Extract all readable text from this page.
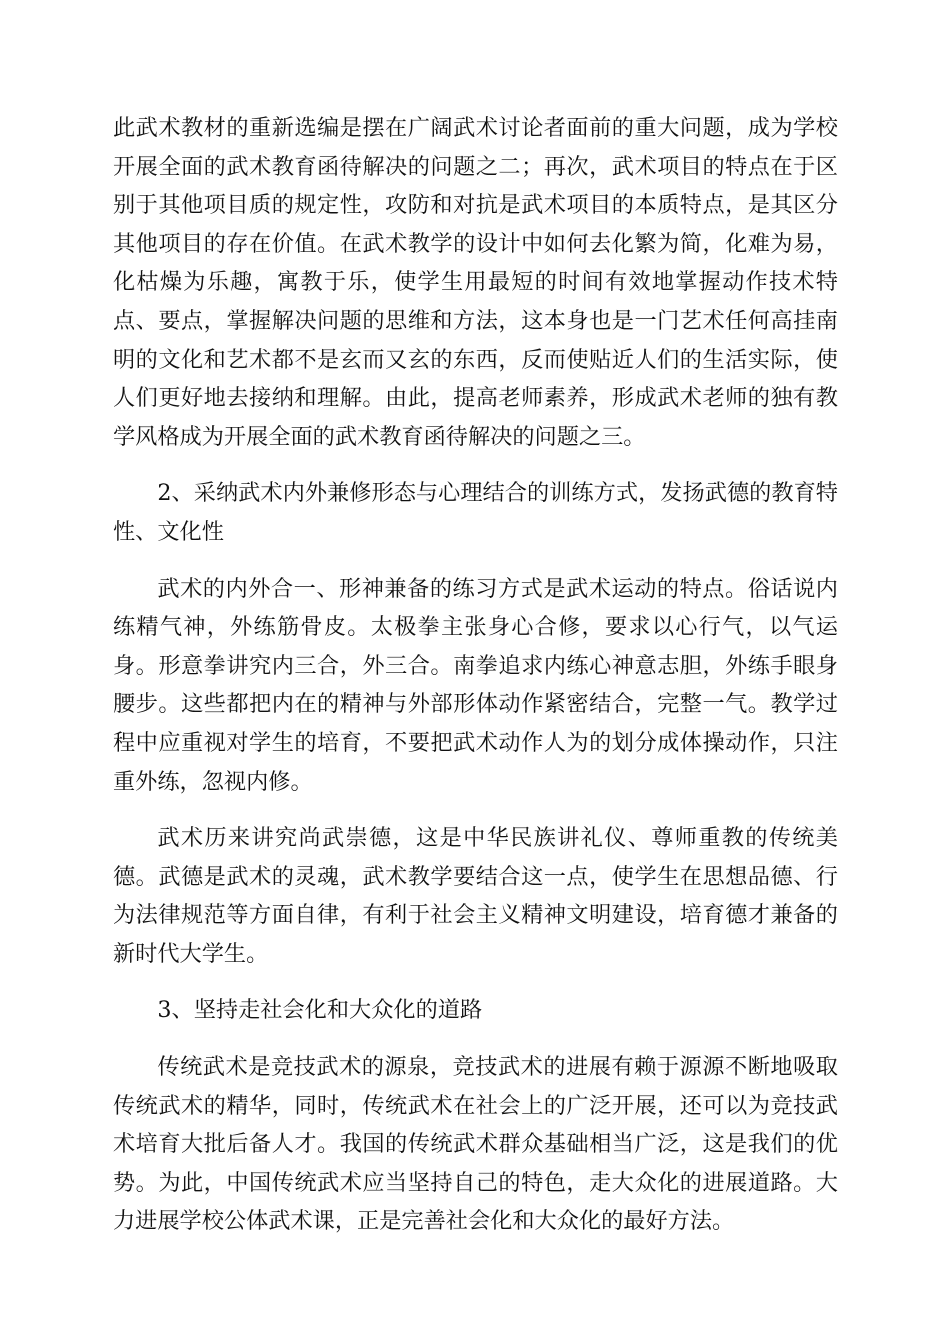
此武术教材的重新选编是摆在广阔武术讨论者面前的重大问题，成为学校开展全面的武术教育函待解决的问题之二；再次，武术项目的特点在于区别于其他项目质的规定性，攻防和对抗是武术项目的本质特点，是其区分其他项目的存在价值。在武术教学的设计中如何去化繁为简，化难为易，化枯燥为乐趣，寓教于乐，使学生用最短的时间有效地掌握动作技术特点、要点，掌握解决问题的思维和方法，这本身也是一门艺术任何高挂南明的文化和艺术都不是玄而又玄的东西，反而使贴近人们的生活实际，使人们更好地去接纳和理解。由此，提高老师素养，形成武术老师的独有教学风格成为开展全面的武术教育函待解决的问题之三。

2、采纳武术内外兼修形态与心理结合的训练方式，发扬武德的教育特性、文化性

武术的内外合一、形神兼备的练习方式是武术运动的特点。俗话说内练精气神，外练筋骨皮。太极拳主张身心合修，要求以心行气，以气运身。形意拳讲究内三合，外三合。南拳追求内练心神意志胆，外练手眼身腰步。这些都把内在的精神与外部形体动作紧密结合，完整一气。教学过程中应重视对学生的培育，不要把武术动作人为的划分成体操动作，只注重外练，忽视内修。

武术历来讲究尚武崇德，这是中华民族讲礼仪、尊师重教的传统美德。武德是武术的灵魂，武术教学要结合这一点，使学生在思想品德、行为法律规范等方面自律，有利于社会主义精神文明建设，培育德才兼备的新时代大学生。

3、坚持走社会化和大众化的道路

传统武术是竞技武术的源泉，竞技武术的进展有赖于源源不断地吸取传统武术的精华，同时，传统武术在社会上的广泛开展，还可以为竞技武术培育大批后备人才。我国的传统武术群众基础相当广泛，这是我们的优势。为此，中国传统武术应当坚持自己的特色，走大众化的进展道路。大力进展学校公体武术课，正是完善社会化和大众化的最好方法。
